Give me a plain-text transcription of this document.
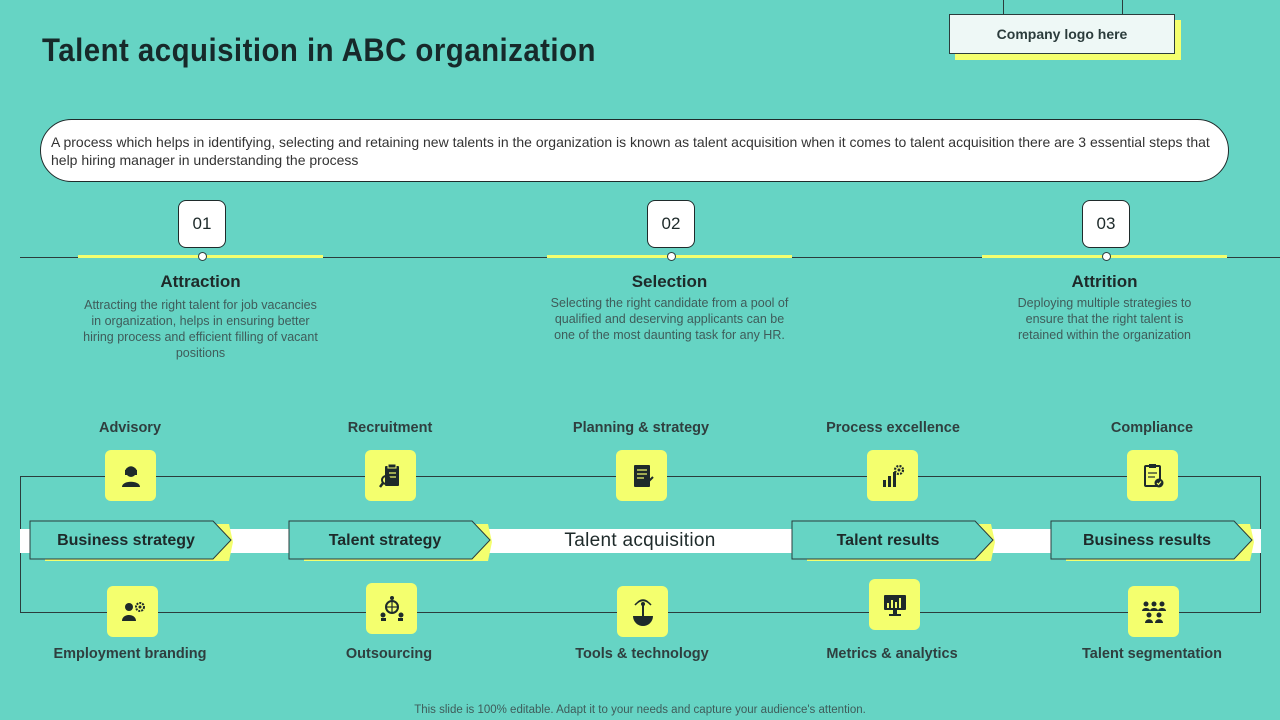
Talent acquisition in ABC organization	Company logo here
A process which helps in identifying, selecting and retaining new talents in the organization is known as talent acquisition when it comes to talent acquisition there are 3 essential steps that help hiring manager in understanding the process
01
Attraction
Attracting the right talent for job vacancies in organization, helps in ensuring better hiring process and efficient filling of vacant positions
02
Selection
Selecting the right candidate from a pool of qualified and deserving applicants can be one of the most daunting task for any HR.
03
Attrition
Deploying multiple strategies to ensure that the right talent is retained within the organization
Talent acquisition
Business strategy	Talent strategy	Talent results	Business results
Advisory	Recruitment	Planning & strategy	Process excellence	Compliance
Employment branding	Outsourcing	Tools & technology	Metrics & analytics	Talent segmentation
This slide is 100% editable. Adapt it to your needs and capture your audience's attention.
